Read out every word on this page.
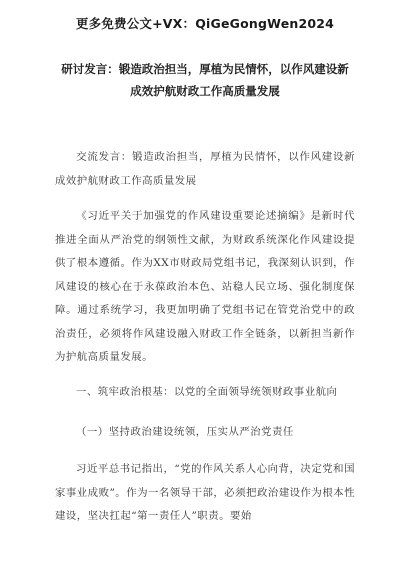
更多免费公文+VX：QiGeGongWen2024
研讨发言：锻造政治担当，厚植为民情怀，以作风建设新
成效护航财政工作高质量发展
交流发言：锻造政治担当，厚植为民情怀，以作风建设新成效护航财政工作高质量发展
《习近平关于加强党的作风建设重要论述摘编》是新时代推进全面从严治党的纲领性文献，为财政系统深化作风建设提供了根本遵循。作为XX市财政局党组书记，我深刻认识到，作风建设的核心在于永葆政治本色、站稳人民立场、强化制度保障。通过系统学习，我更加明确了党组书记在管党治党中的政治责任，必须将作风建设融入财政工作全链条，以新担当新作为护航高质量发展。
一、筑牢政治根基：以党的全面领导统领财政事业航向
（一）坚持政治建设统领，压实从严治党责任
习近平总书记指出，“党的作风关系人心向背，决定党和国家事业成败”。作为一名领导干部，必须把政治建设作为根本性建设，坚决扛起“第一责任人”职责。要始
